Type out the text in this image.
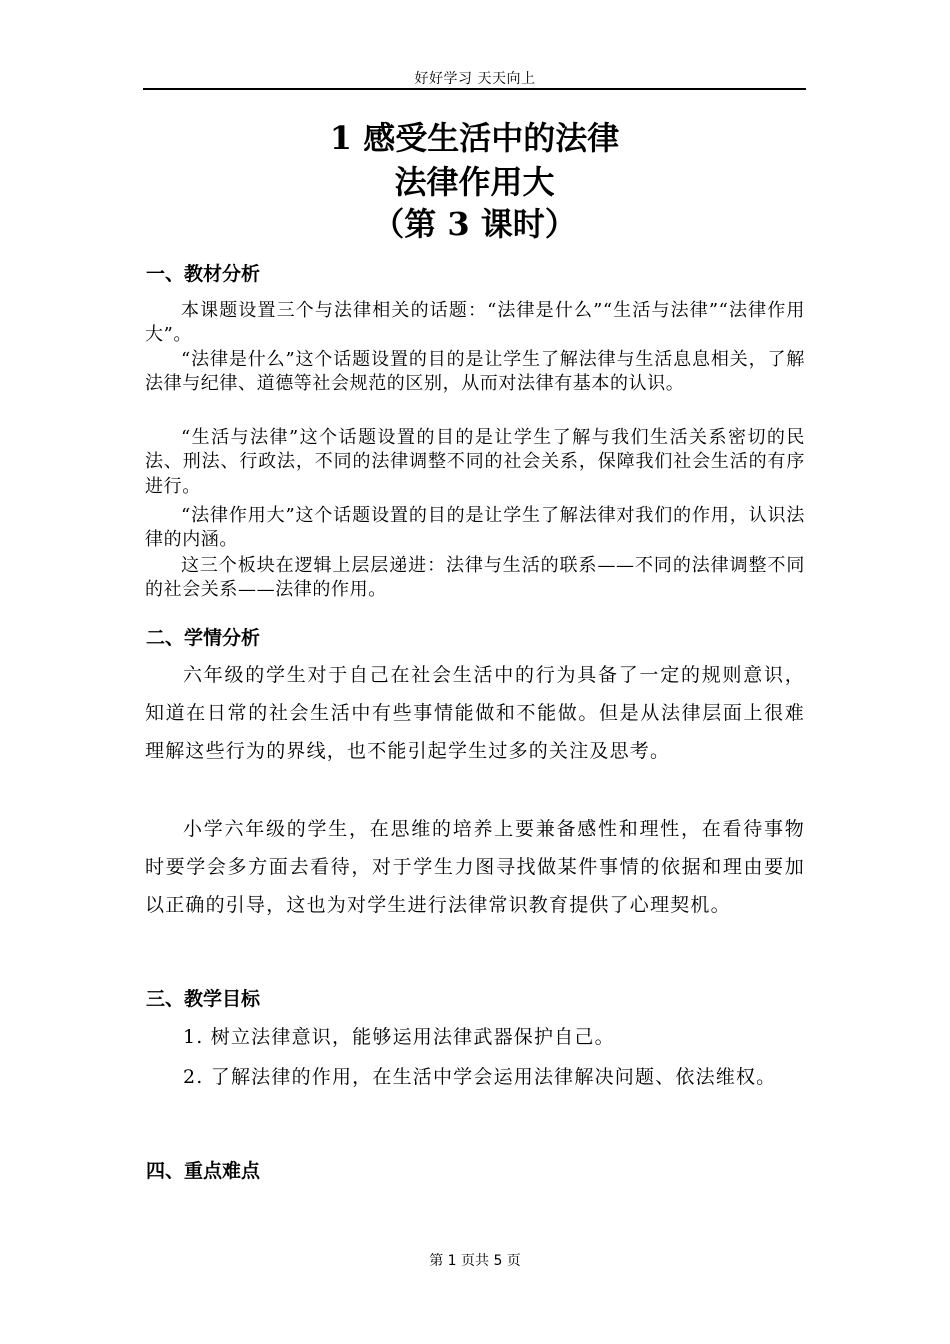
好好学习 天天向上
1 感受生活中的法律
法律作用大
（第 3 课时）
一、教材分析

本课题设置三个与法律相关的话题：“法律是什么”“生活与法律”“法律作用大”。

“法律是什么”这个话题设置的目的是让学生了解法律与生活息息相关，了解法律与纪律、道德等社会规范的区别，从而对法律有基本的认识。

“生活与法律”这个话题设置的目的是让学生了解与我们生活关系密切的民法、刑法、行政法，不同的法律调整不同的社会关系，保障我们社会生活的有序进行。

“法律作用大”这个话题设置的目的是让学生了解法律对我们的作用，认识法律的内涵。

这三个板块在逻辑上层层递进：法律与生活的联系——不同的法律调整不同的社会关系——法律的作用。

二、学情分析

六年级的学生对于自己在社会生活中的行为具备了一定的规则意识，知道在日常的社会生活中有些事情能做和不能做。但是从法律层面上很难理解这些行为的界线，也不能引起学生过多的关注及思考。

小学六年级的学生，在思维的培养上要兼备感性和理性，在看待事物时要学会多方面去看待，对于学生力图寻找做某件事情的依据和理由要加以正确的引导，这也为对学生进行法律常识教育提供了心理契机。

三、教学目标

1. 树立法律意识，能够运用法律武器保护自己。

2. 了解法律的作用，在生活中学会运用法律解决问题、依法维权。

四、重点难点
第 1 页共 5 页
